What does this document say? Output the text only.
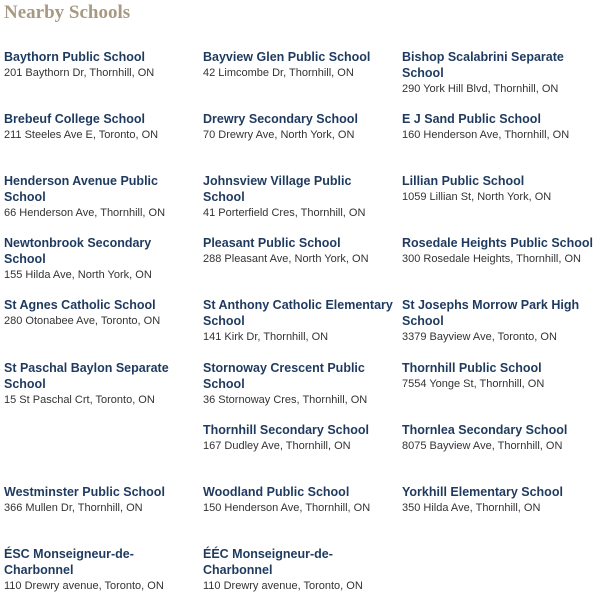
Nearby Schools
Baythorn Public School
201 Baythorn Dr, Thornhill, ON
Bayview Glen Public School
42 Limcombe Dr, Thornhill, ON
Bishop Scalabrini Separate School
290 York Hill Blvd, Thornhill, ON
Brebeuf College School
211 Steeles Ave E, Toronto, ON
Drewry Secondary School
70 Drewry Ave, North York, ON
E J Sand Public School
160 Henderson Ave, Thornhill, ON
Henderson Avenue Public School
66 Henderson Ave, Thornhill, ON
Johnsview Village Public School
41 Porterfield Cres, Thornhill, ON
Lillian Public School
1059 Lillian St, North York, ON
Newtonbrook Secondary School
155 Hilda Ave, North York, ON
Pleasant Public School
288 Pleasant Ave, North York, ON
Rosedale Heights Public School
300 Rosedale Heights, Thornhill, ON
St Agnes Catholic School
280 Otonabee Ave, Toronto, ON
St Anthony Catholic Elementary School
141 Kirk Dr, Thornhill, ON
St Josephs Morrow Park High School
3379 Bayview Ave, Toronto, ON
St Paschal Baylon Separate School
15 St Paschal Crt, Toronto, ON
Stornoway Crescent Public School
36 Stornoway Cres, Thornhill, ON
Thornhill Public School
7554 Yonge St, Thornhill, ON
Thornhill Secondary School
167 Dudley Ave, Thornhill, ON
Thornlea Secondary School
8075 Bayview Ave, Thornhill, ON
Westminster Public School
366 Mullen Dr, Thornhill, ON
Woodland Public School
150 Henderson Ave, Thornhill, ON
Yorkhill Elementary School
350 Hilda Ave, Thornhill, ON
ÉSC Monseigneur-de-Charbonnel
110 Drewry avenue, Toronto, ON
ÉÉC Monseigneur-de-Charbonnel
110 Drewry avenue, Toronto, ON
